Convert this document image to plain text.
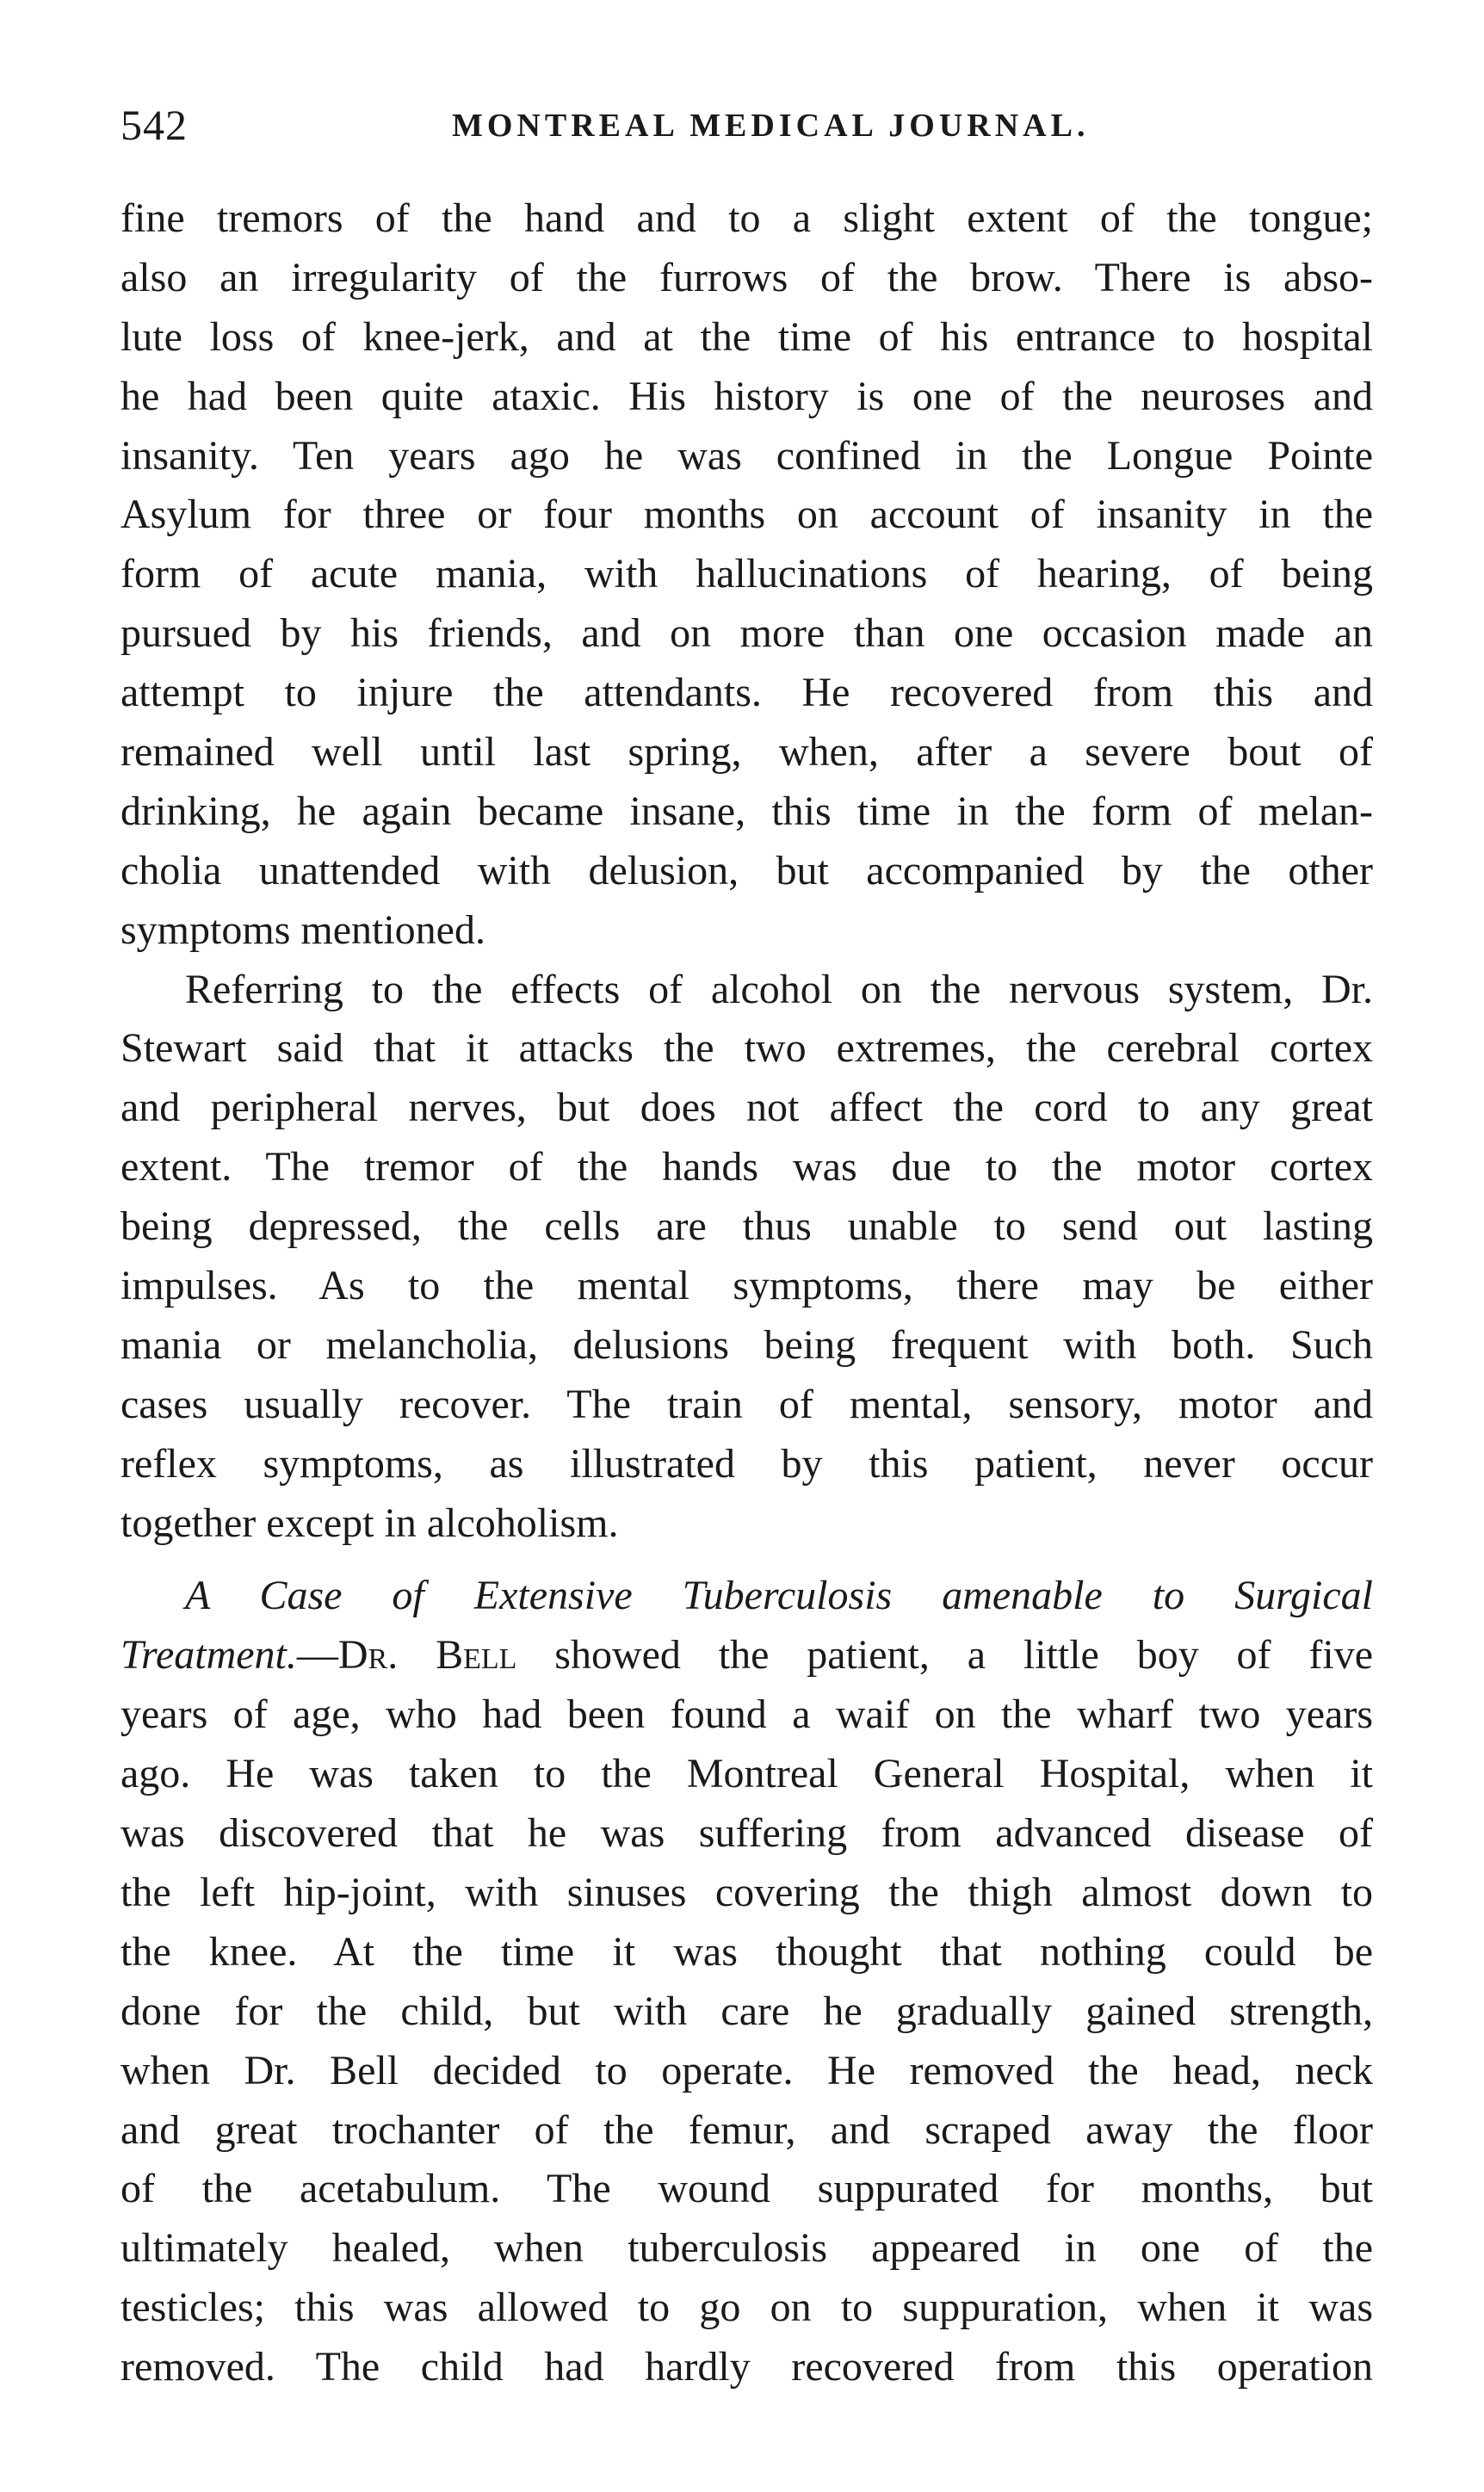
542	MONTREAL MEDICAL JOURNAL.
fine tremors of the hand and to a slight extent of the tongue;
also an irregularity of the furrows of the brow. There is abso-
lute loss of knee-jerk, and at the time of his entrance to hospital
he had been quite ataxic. His history is one of the neuroses and
insanity. Ten years ago he was confined in the Longue Pointe
Asylum for three or four months on account of insanity in the
form of acute mania, with hallucinations of hearing, of being
pursued by his friends, and on more than one occasion made an
attempt to injure the attendants. He recovered from this and
remained well until last spring, when, after a severe bout of
drinking, he again became insane, this time in the form of melan-
cholia unattended with delusion, but accompanied by the other
symptoms mentioned.
Referring to the effects of alcohol on the nervous system, Dr.
Stewart said that it attacks the two extremes, the cerebral cortex
and peripheral nerves, but does not affect the cord to any great
extent. The tremor of the hands was due to the motor cortex
being depressed, the cells are thus unable to send out lasting
impulses. As to the mental symptoms, there may be either
mania or melancholia, delusions being frequent with both. Such
cases usually recover. The train of mental, sensory, motor and
reflex symptoms, as illustrated by this patient, never occur
together except in alcoholism.
A Case of Extensive Tuberculosis amenable to Surgical
Treatment.—Dr. Bell showed the patient, a little boy of five
years of age, who had been found a waif on the wharf two years
ago. He was taken to the Montreal General Hospital, when it
was discovered that he was suffering from advanced disease of
the left hip-joint, with sinuses covering the thigh almost down to
the knee. At the time it was thought that nothing could be
done for the child, but with care he gradually gained strength,
when Dr. Bell decided to operate. He removed the head, neck
and great trochanter of the femur, and scraped away the floor
of the acetabulum. The wound suppurated for months, but
ultimately healed, when tuberculosis appeared in one of the
testicles; this was allowed to go on to suppuration, when it was
removed. The child had hardly recovered from this operation
